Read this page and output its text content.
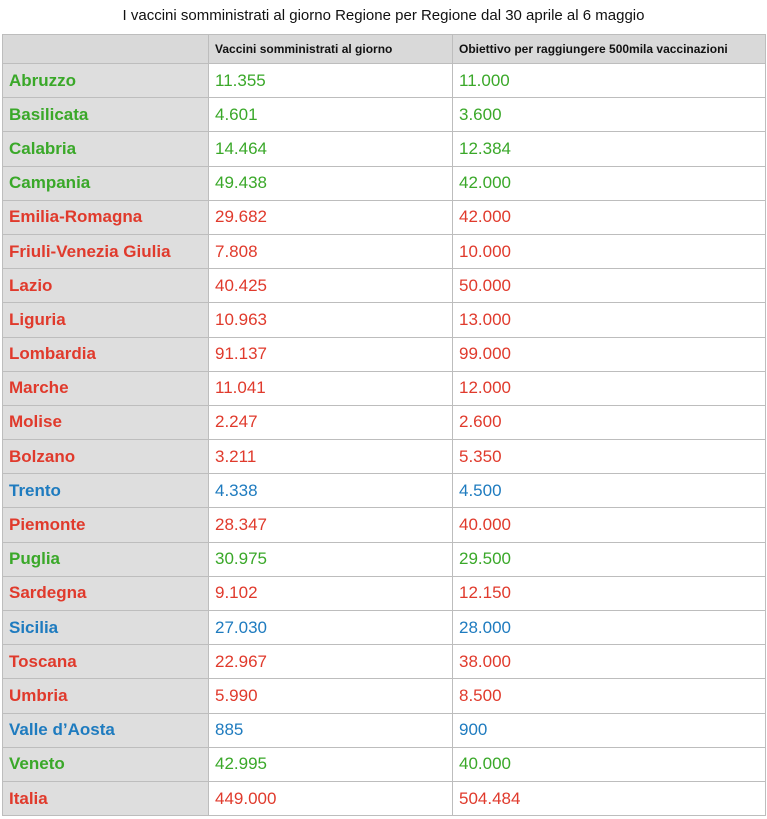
I vaccini somministrati al giorno Regione per Regione dal 30 aprile al 6 maggio
	Vaccini somministrati al giorno	Obiettivo per raggiungere 500mila vaccinazioni
Abruzzo	11.355	11.000
Basilicata	4.601	3.600
Calabria	14.464	12.384
Campania	49.438	42.000
Emilia-Romagna	29.682	42.000
Friuli-Venezia Giulia	7.808	10.000
Lazio	40.425	50.000
Liguria	10.963	13.000
Lombardia	91.137	99.000
Marche	11.041	12.000
Molise	2.247	2.600
Bolzano	3.211	5.350
Trento	4.338	4.500
Piemonte	28.347	40.000
Puglia	30.975	29.500
Sardegna	9.102	12.150
Sicilia	27.030	28.000
Toscana	22.967	38.000
Umbria	5.990	8.500
Valle d’Aosta	885	900
Veneto	42.995	40.000
Italia	449.000	504.484
